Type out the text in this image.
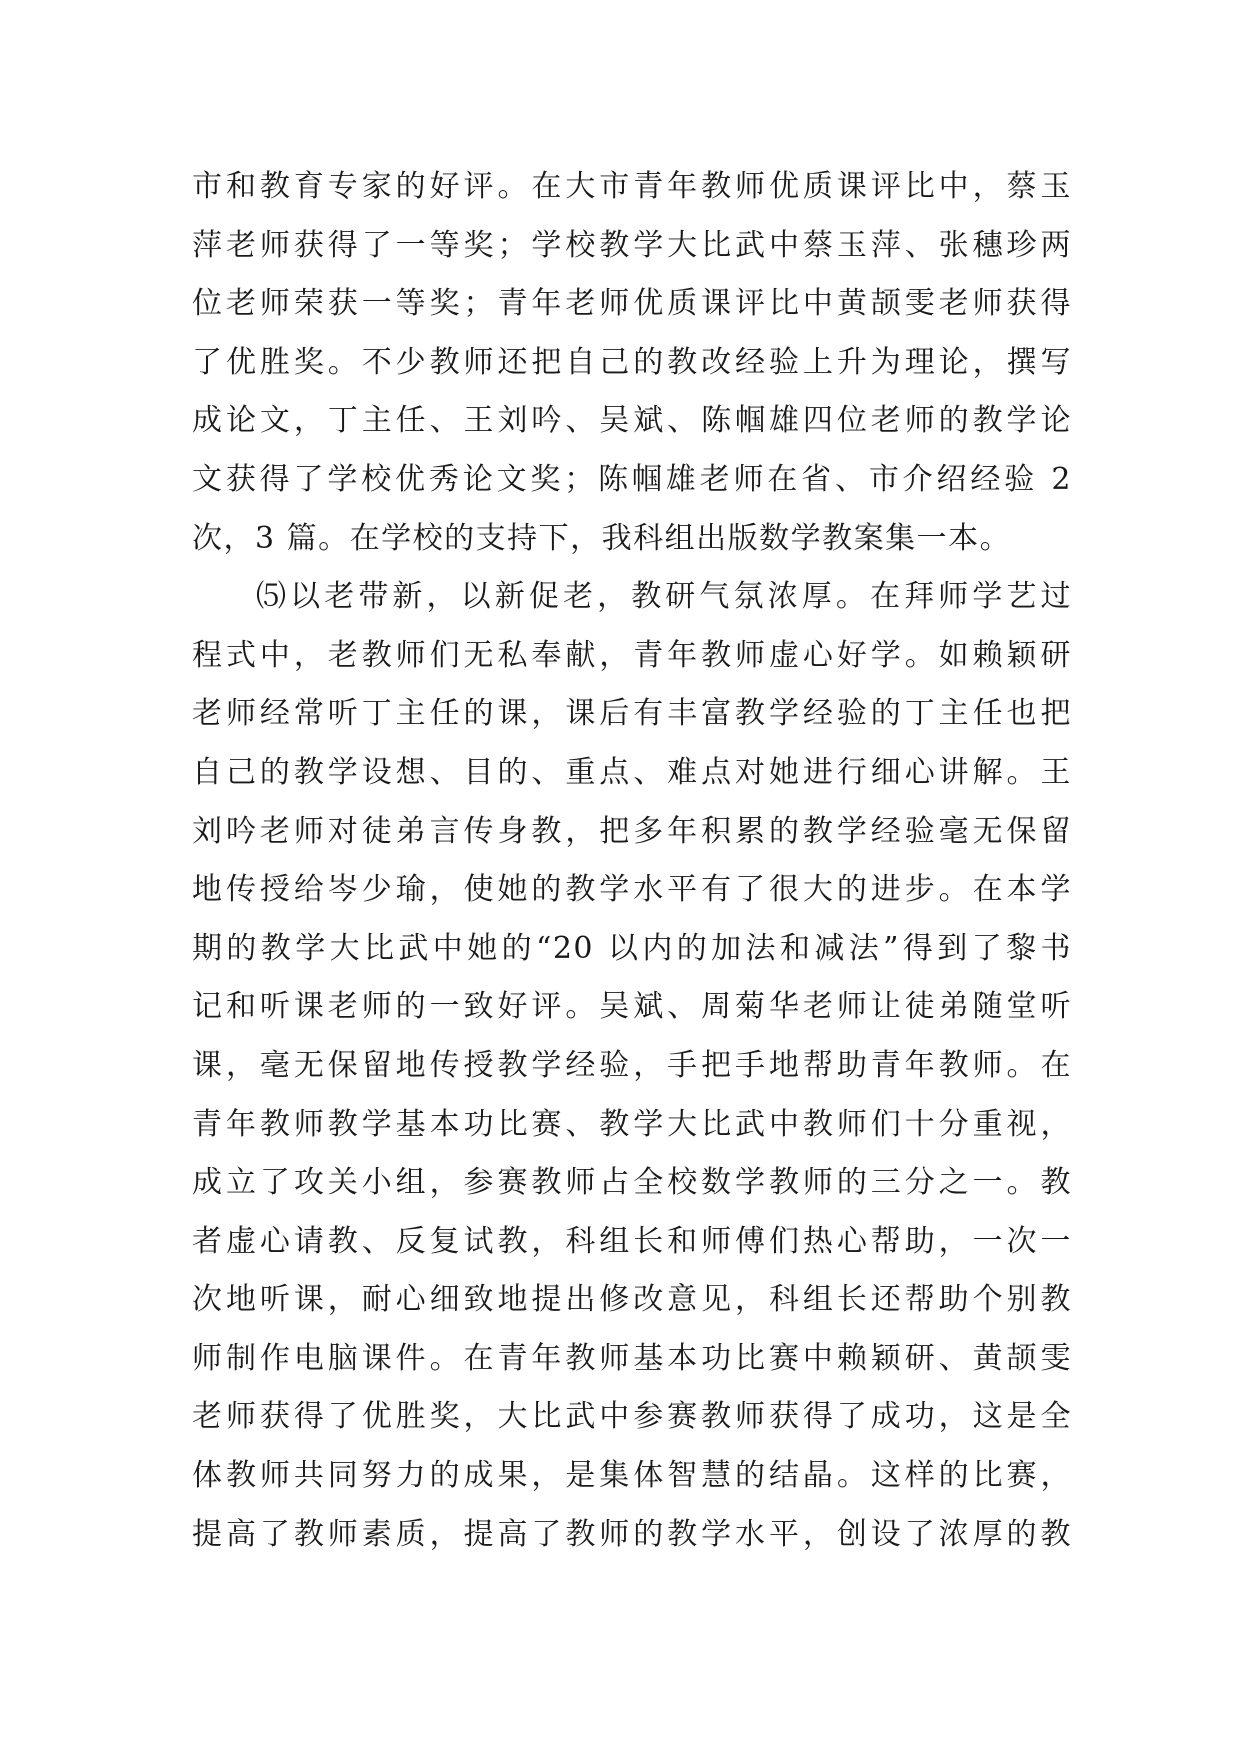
市和教育专家的好评。在大市青年教师优质课评比中，蔡玉
萍老师获得了一等奖；学校教学大比武中蔡玉萍、张穗珍两
位老师荣获一等奖；青年老师优质课评比中黄颉雯老师获得
了优胜奖。不少教师还把自己的教改经验上升为理论，撰写
成论文，丁主任、王刘吟、吴斌、陈帼雄四位老师的教学论
文获得了学校优秀论文奖；陈帼雄老师在省、市介绍经验 2
次，3 篇。在学校的支持下，我科组出版数学教案集一本。
⑸以老带新，以新促老，教研气氛浓厚。在拜师学艺过
程式中，老教师们无私奉献，青年教师虚心好学。如赖颖研
老师经常听丁主任的课，课后有丰富教学经验的丁主任也把
自己的教学设想、目的、重点、难点对她进行细心讲解。王
刘吟老师对徒弟言传身教，把多年积累的教学经验毫无保留
地传授给岑少瑜，使她的教学水平有了很大的进步。在本学
期的教学大比武中她的“20 以内的加法和减法”得到了黎书
记和听课老师的一致好评。吴斌、周菊华老师让徒弟随堂听
课，毫无保留地传授教学经验，手把手地帮助青年教师。在
青年教师教学基本功比赛、教学大比武中教师们十分重视，
成立了攻关小组，参赛教师占全校数学教师的三分之一。教
者虚心请教、反复试教，科组长和师傅们热心帮助，一次一
次地听课，耐心细致地提出修改意见，科组长还帮助个别教
师制作电脑课件。在青年教师基本功比赛中赖颖研、黄颉雯
老师获得了优胜奖，大比武中参赛教师获得了成功，这是全
体教师共同努力的成果，是集体智慧的结晶。这样的比赛，
提高了教师素质，提高了教师的教学水平，创设了浓厚的教
